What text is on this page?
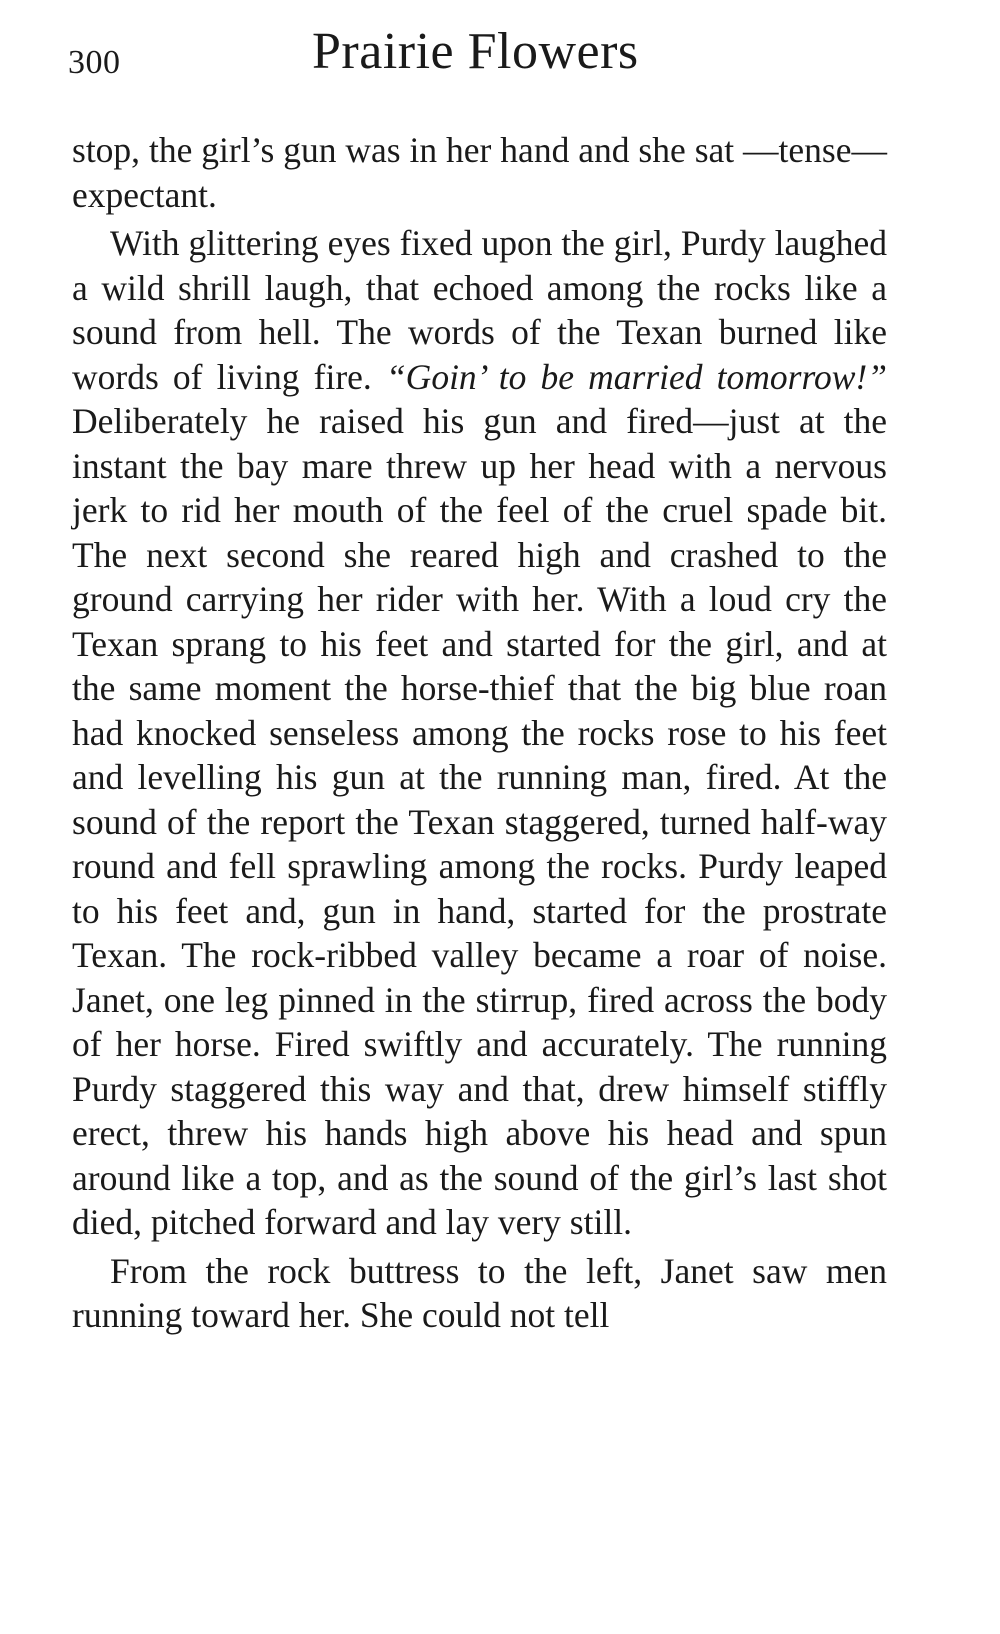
300	Prairie Flowers

stop, the girl’s gun was in her hand and she sat —tense—expectant.

With glittering eyes fixed upon the girl, Purdy laughed a wild shrill laugh, that echoed among the rocks like a sound from hell. The words of the Texan burned like words of living fire. “Goin’ to be married tomorrow!” Deliberately he raised his gun and fired—just at the instant the bay mare threw up her head with a nervous jerk to rid her mouth of the feel of the cruel spade bit. The next second she reared high and crashed to the ground carrying her rider with her. With a loud cry the Texan sprang to his feet and started for the girl, and at the same moment the horse-thief that the big blue roan had knocked senseless among the rocks rose to his feet and levelling his gun at the running man, fired. At the sound of the report the Texan staggered, turned half-way round and fell sprawling among the rocks. Purdy leaped to his feet and, gun in hand, started for the prostrate Texan. The rock-ribbed valley became a roar of noise. Janet, one leg pinned in the stirrup, fired across the body of her horse. Fired swiftly and accurately. The running Purdy staggered this way and that, drew himself stiffly erect, threw his hands high above his head and spun around like a top, and as the sound of the girl’s last shot died, pitched forward and lay very still.

From the rock buttress to the left, Janet saw men running toward her. She could not tell
